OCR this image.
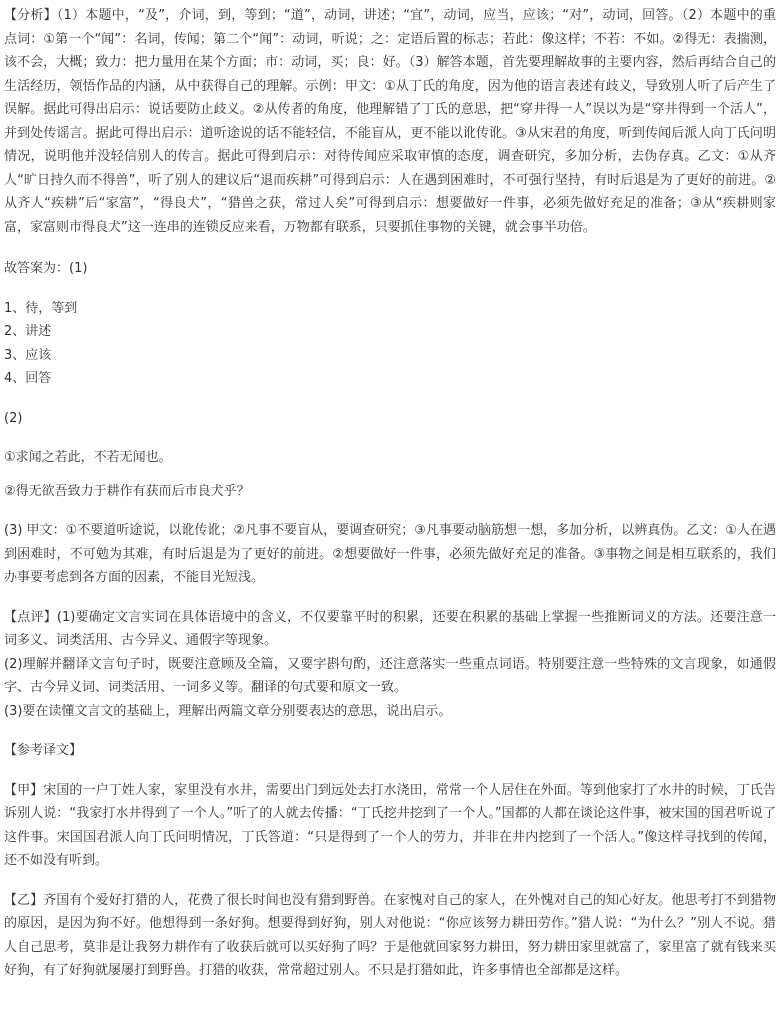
【分析】（1）本题中，“及”，介词，到，等到；“道”，动词，讲述；“宜”，动词，应当，应该；“对”，动词，回答。（2）本题中的重点词：①第一个“闻”：名词，传闻；第二个“闻”：动词，听说；之：定语后置的标志；若此：像这样；不若：不如。②得无：表揣测，该不会，大概；致力：把力量用在某个方面；市：动词，买；良：好。（3）解答本题，首先要理解故事的主要内容，然后再结合自己的生活经历，领悟作品的内涵，从中获得自己的理解。示例：甲文：①从丁氏的角度，因为他的语言表述有歧义，导致别人听了后产生了误解。据此可得出启示：说话要防止歧义。②从传者的角度，他理解错了丁氏的意思，把“穿井得一人”误以为是“穿井得到一个活人”，并到处传谣言。据此可得出启示：道听途说的话不能轻信，不能盲从，更不能以讹传讹。③从宋君的角度，听到传闻后派人向丁氏问明情况，说明他并没轻信别人的传言。据此可得到启示：对待传闻应采取审慎的态度，调查研究，多加分析，去伪存真。乙文：①从齐人“旷日持久而不得兽”，听了别人的建议后“退而疾耕”可得到启示：人在遇到困难时，不可强行坚持，有时后退是为了更好的前进。②从齐人“疾耕”后“家富”，“得良犬”，“猎兽之获，常过人矣”可得到启示：想要做好一件事，必须先做好充足的准备；③从“疾耕则家富，家富则市得良犬”这一连串的连锁反应来看，万物都有联系，只要抓住事物的关键，就会事半功倍。

故答案为：(1)

1、待，等到

2、讲述

3、应该

4、回答

(2)

①求闻之若此，不若无闻也。

②得无欲吾致力于耕作有获而后市良犬乎？

(3) 甲文：①不要道听途说，以讹传讹；②凡事不要盲从，要调查研究；③凡事要动脑筋想一想，多加分析，以辨真伪。乙文：①人在遇到困难时，不可勉为其难，有时后退是为了更好的前进。②想要做好一件事，必须先做好充足的准备。③事物之间是相互联系的，我们办事要考虑到各方面的因素，不能目光短浅。

【点评】(1)要确定文言实词在具体语境中的含义，不仅要靠平时的积累，还要在积累的基础上掌握一些推断词义的方法。还要注意一词多义、词类活用、古今异义、通假字等现象。

(2)理解并翻译文言句子时，既要注意顾及全篇，又要字斟句酌，还注意落实一些重点词语。特别要注意一些特殊的文言现象，如通假字、古今异义词、词类活用、一词多义等。翻译的句式要和原文一致。

(3)要在读懂文言文的基础上，理解出两篇文章分别要表达的意思，说出启示。

【参考译文】

【甲】宋国的一户丁姓人家，家里没有水井，需要出门到远处去打水浇田，常常一个人居住在外面。等到他家打了水井的时候，丁氏告诉别人说：“我家打水井得到了一个人。”听了的人就去传播：“丁氏挖井挖到了一个人。”国都的人都在谈论这件事，被宋国的国君听说了这件事。宋国国君派人向丁氏问明情况，丁氏答道：“只是得到了一个人的劳力，并非在井内挖到了一个活人。”像这样寻找到的传闻，还不如没有听到。

【乙】齐国有个爱好打猎的人，花费了很长时间也没有猎到野兽。在家愧对自己的家人，在外愧对自己的知心好友。他思考打不到猎物的原因，是因为狗不好。他想得到一条好狗。想要得到好狗，别人对他说：“你应该努力耕田劳作。”猎人说：“为什么？”别人不说。猎人自己思考，莫非是让我努力耕作有了收获后就可以买好狗了吗？于是他就回家努力耕田，努力耕田家里就富了，家里富了就有钱来买好狗，有了好狗就屡屡打到野兽。打猎的收获，常常超过别人。不只是打猎如此，许多事情也全部都是这样。
